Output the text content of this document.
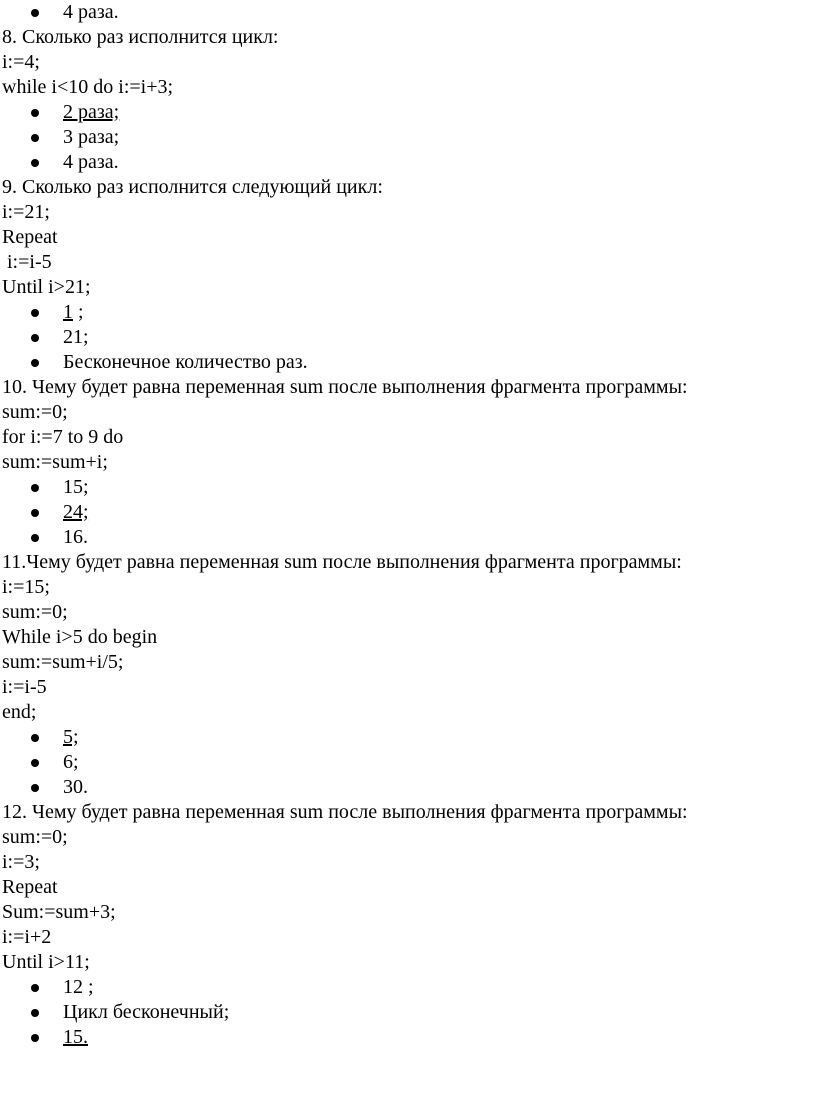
4 раза.
8. Сколько раз исполнится цикл:
i:=4;
while i<10 do i:=i+3;
2 раза;
3 раза;
4 раза.
9. Сколько раз исполнится следующий цикл:
i:=21;
Repeat
i:=i-5
Until i>21;
1 ;
21;
Бесконечное количество раз.
10. Чему будет равна переменная sum после выполнения фрагмента программы:
sum:=0;
for i:=7 to 9 do
sum:=sum+i;
15;
24;
16.
11.Чему будет равна переменная sum после выполнения фрагмента программы:
i:=15;
sum:=0;
While i>5 do begin
sum:=sum+i/5;
i:=i-5
end;
5;
6;
30.
12. Чему будет равна переменная sum после выполнения фрагмента программы:
sum:=0;
i:=3;
Repeat
Sum:=sum+3;
i:=i+2
Until i>11;
12 ;
Цикл бесконечный;
15.
